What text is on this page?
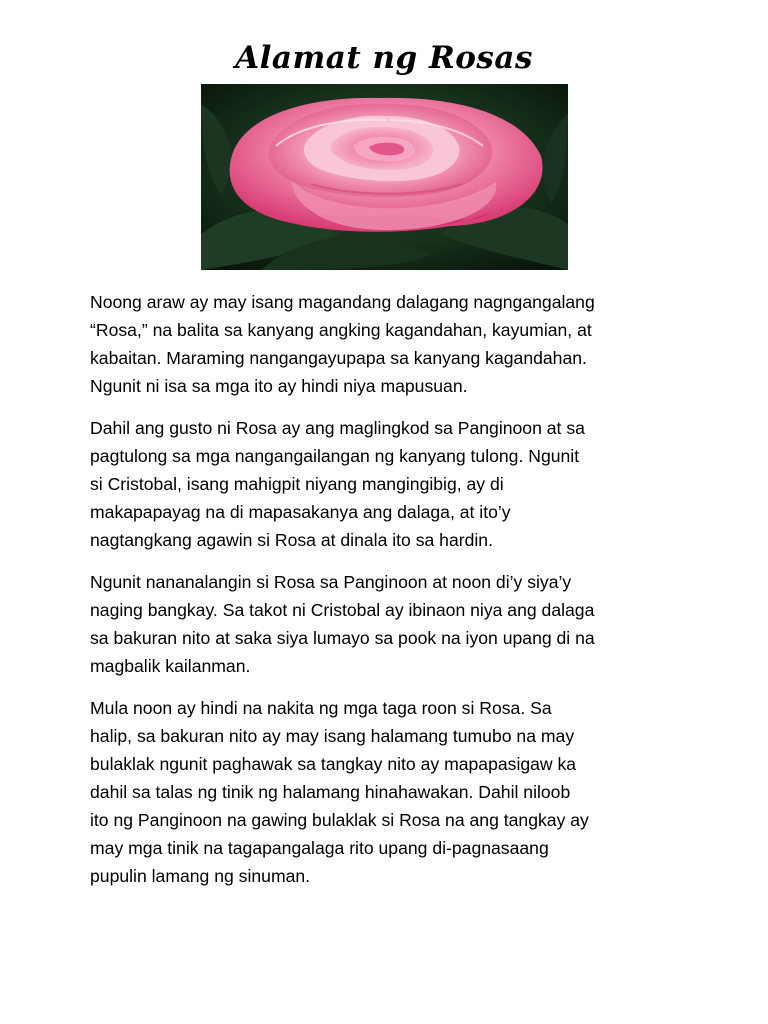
Alamat ng Rosas

Noong araw ay may isang magandang dalagang nagngangalang
“Rosa,” na balita sa kanyang angking kagandahan, kayumian, at
kabaitan. Maraming nangangayupapa sa kanyang kagandahan.
Ngunit ni isa sa mga ito ay hindi niya mapusuan.

Dahil ang gusto ni Rosa ay ang maglingkod sa Panginoon at sa
pagtulong sa mga nangangailangan ng kanyang tulong. Ngunit
si Cristobal, isang mahigpit niyang mangingibig, ay di
makapapayag na di mapasakanya ang dalaga, at ito’y
nagtangkang agawin si Rosa at dinala ito sa hardin.

Ngunit nananalangin si Rosa sa Panginoon at noon di’y siya’y
naging bangkay. Sa takot ni Cristobal ay ibinaon niya ang dalaga
sa bakuran nito at saka siya lumayo sa pook na iyon upang di na
magbalik kailanman.

Mula noon ay hindi na nakita ng mga taga roon si Rosa. Sa
halip, sa bakuran nito ay may isang halamang tumubo na may
bulaklak ngunit paghawak sa tangkay nito ay mapapasigaw ka
dahil sa talas ng tinik ng halamang hinahawakan. Dahil niloob
ito ng Panginoon na gawing bulaklak si Rosa na ang tangkay ay
may mga tinik na tagapangalaga rito upang di-pagnasaang
pupulin lamang ng sinuman.
